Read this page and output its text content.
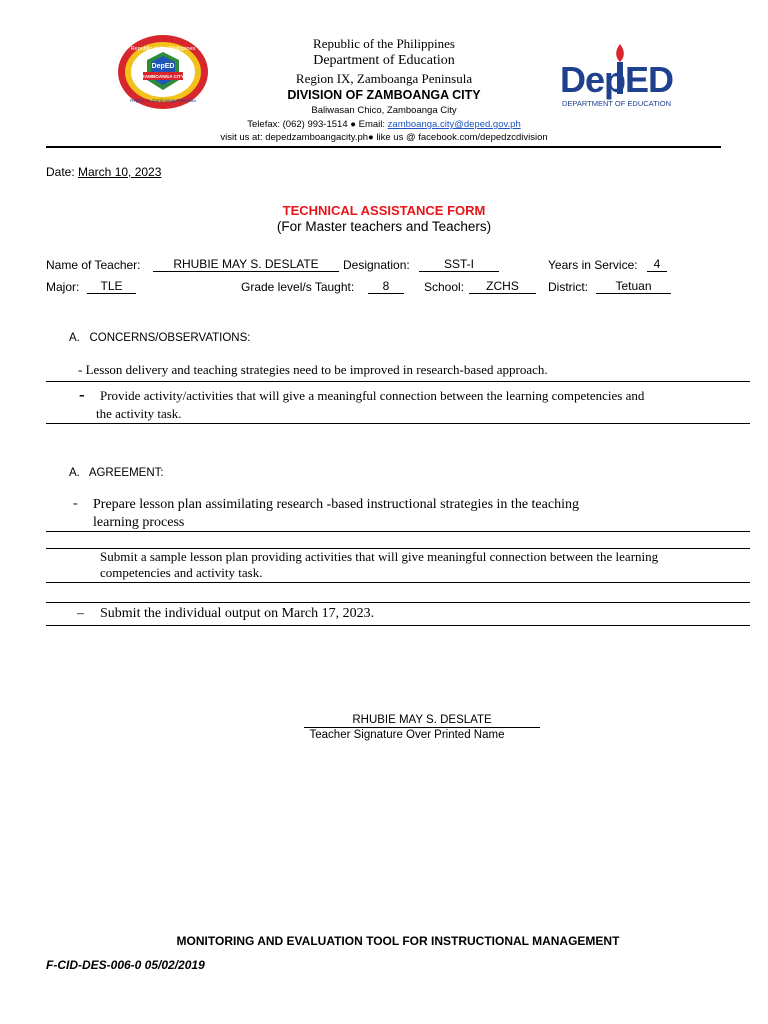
Republic of the Philippines
DepED
ZAMBOANGA CITY
Region IX, Zamboanga Peninsula
Republic of the Philippines
Department of Education
Region IX, Zamboanga Peninsula
DIVISION OF ZAMBOANGA CITY
Baliwasan Chico, Zamboanga City
Telefax: (062) 993-1514 ● Email: zamboanga.city@deped.gov.ph
visit us at: depedzamboangacity.ph● like us @ facebook.com/depedzcdivision
DepED
DEPARTMENT OF EDUCATION
Date: March 10, 2023
TECHNICAL ASSISTANCE FORM
(For Master teachers and Teachers)
Name of Teacher:	RHUBIE MAY S. DESLATE	Designation:	SST-I	Years in Service:	4
Major:	TLE	Grade level/s Taught:	8	School:	ZCHS	District:	Tetuan
A.   CONCERNS/OBSERVATIONS:
- Lesson delivery and teaching strategies need to be improved in research-based approach.
- Provide activity/activities that will give a meaningful connection between the learning competencies and
the activity task.
A.   AGREEMENT:
- Prepare lesson plan assimilating research -based instructional strategies in the teaching
learning process
Submit a sample lesson plan providing activities that will give meaningful connection between the learning
competencies and activity task.
– Submit the individual output on March 17, 2023.
RHUBIE MAY S. DESLATE
Teacher Signature Over Printed Name
MONITORING AND EVALUATION TOOL FOR INSTRUCTIONAL MANAGEMENT
F-CID-DES-006-0 05/02/2019
